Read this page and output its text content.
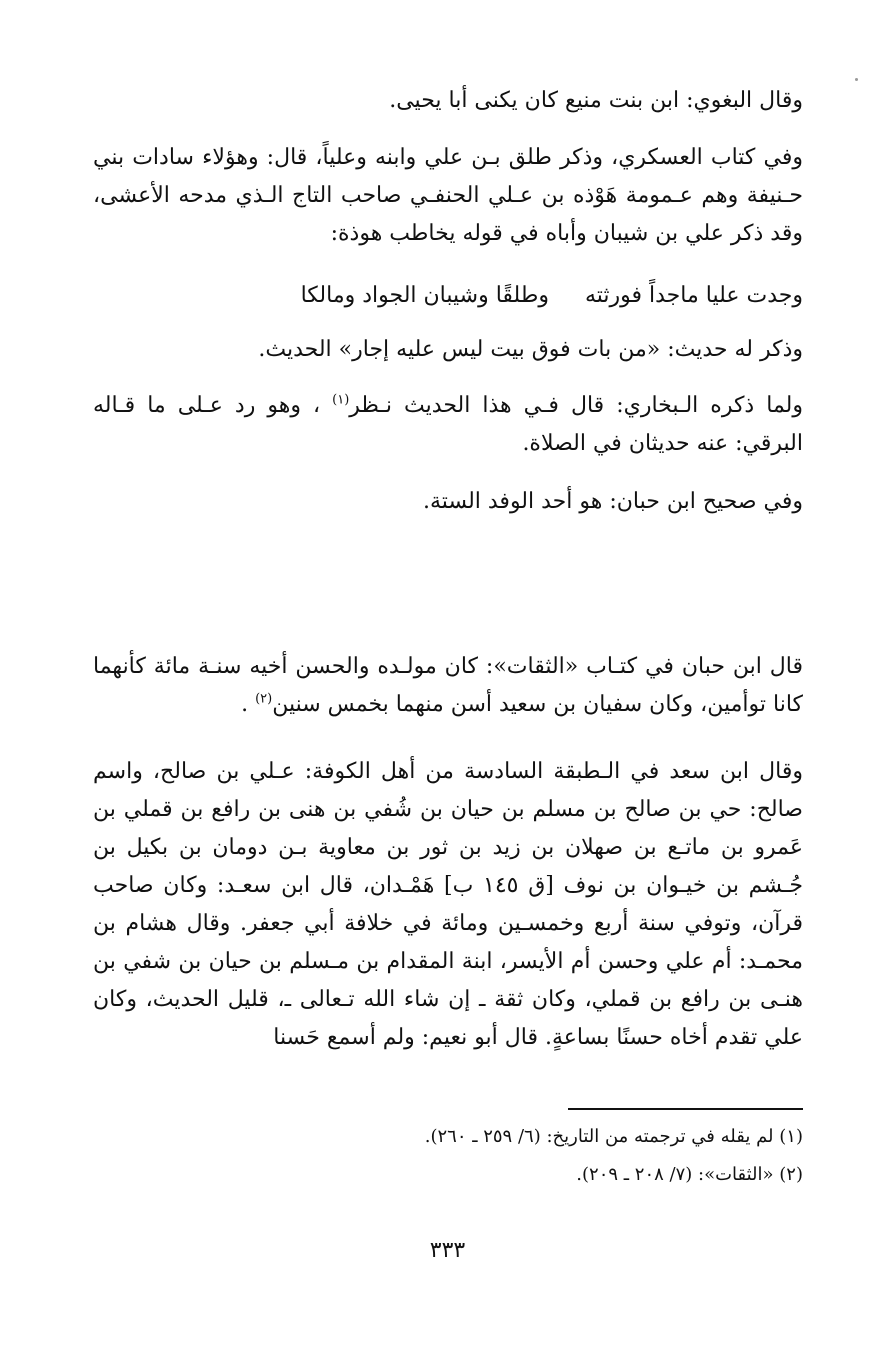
وقال البغوي: ابن بنت منيع كان يكنى أبا يحيى.

وفي كتاب العسكري، وذكر طلق بـن علي وابنه وعلياً، قال: وهؤلاء سادات بني حـنيفة وهم عـمومة هَوْذه بن عـلي الحنفـي صاحب التاج الـذي مدحه الأعشى، وقد ذكر علي بن شيبان وأباه في قوله يخاطب هوذة:

وجدت عليا ماجداً فورثتهوطلقًا وشيبان الجواد ومالكا

وذكر له حديث: «من بات فوق بيت ليس عليه إجار» الحديث.

ولما ذكره الـبخاري: قال فـي هذا الحديث نـظر$^{(١)}$ ، وهو رد عـلى ما قـاله البرقي: عنه حديثان في الصلاة.

وفي صحيح ابن حبان: هو أحد الوفد الستة.

قال ابن حبان في كتـاب «الثقات»: كان مولـده والحسن أخيه سنـة مائة كأنهما كانا توأمين، وكان سفيان بن سعيد أسن منهما بخمس سنين$^{(٢)}$ .

وقال ابن سعد في الـطبقة السادسة من أهل الكوفة: عـلي بن صالح، واسم صالح: حي بن صالح بن مسلم بن حيان بن شُفي بن هنى بن رافع بن قملي بن عَمرو بن ماتـع بن صهلان بن زيد بن ثور بن معاوية بـن دومان بن بكيل بن جُـشم بن خيـوان بن نوف [ق ١٤٥ ب] هَمْـدان، قال ابن سعـد: وكان صاحب قرآن، وتوفي سنة أربع وخمسـين ومائة في خلافة أبي جعفر. وقال هشام بن محمـد: أم علي وحسن أم الأيسر، ابنة المقدام بن مـسلم بن حيان بن شفي بن هنـى بن رافع بن قملي، وكان ثقة ـ إن شاء الله تـعالى ـ، قليل الحديث، وكان علي تقدم أخاه حسنًا بساعةٍ. قال أبو نعيم: ولم أسمع حَسنا

(١) لم يقله في ترجمته من التاريخ: (٦/ ٢٥٩ ـ ٢٦٠).

(٢) «الثقات»: (٧/ ٢٠٨ ـ ٢٠٩).

٣٣٣
